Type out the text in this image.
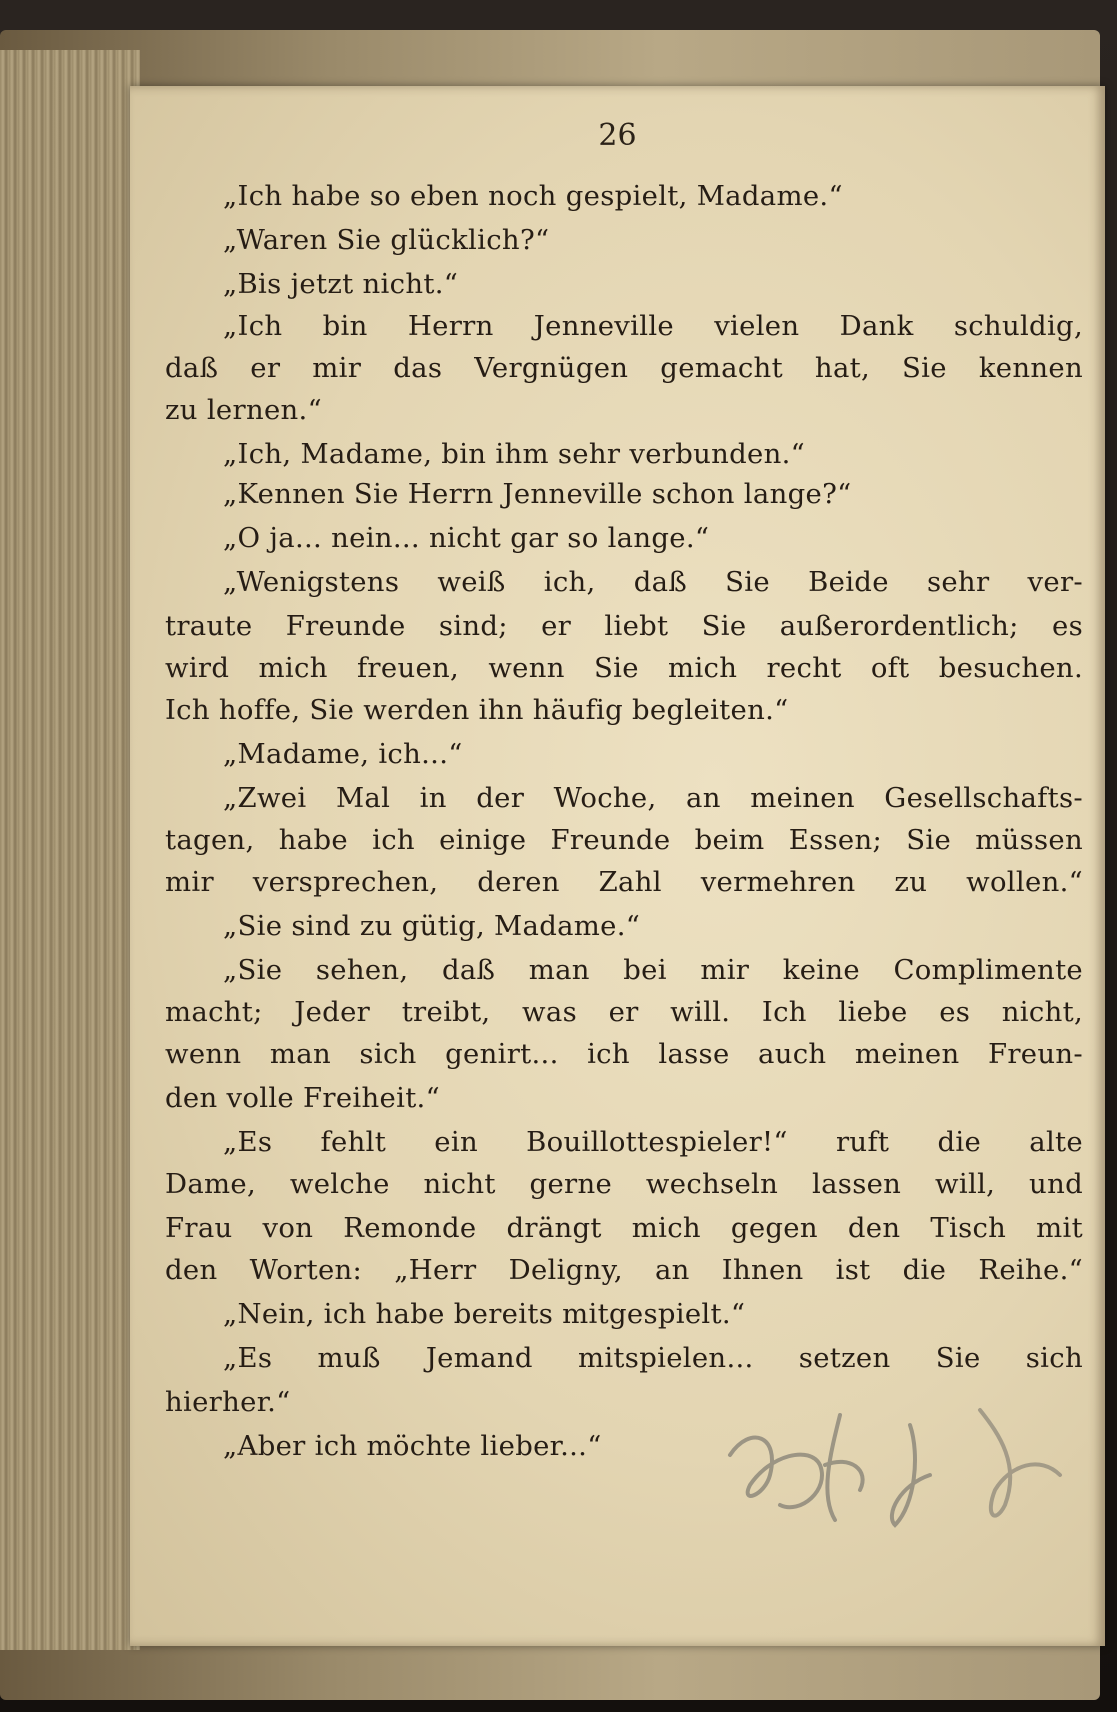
26
„Ich habe so eben noch gespielt, Madame.“
„Waren Sie glücklich?“
„Bis jetzt nicht.“
„Ich bin Herrn Jenneville vielen Dank schuldig,
daß er mir das Vergnügen gemacht hat, Sie kennen
zu lernen.“
„Ich, Madame, bin ihm sehr verbunden.“
„Kennen Sie Herrn Jenneville schon lange?“
„O ja... nein... nicht gar so lange.“
„Wenigstens weiß ich, daß Sie Beide sehr ver-
traute Freunde sind; er liebt Sie außerordentlich; es
wird mich freuen, wenn Sie mich recht oft besuchen.
Ich hoffe, Sie werden ihn häufig begleiten.“
„Madame, ich...“
„Zwei Mal in der Woche, an meinen Gesellschafts-
tagen, habe ich einige Freunde beim Essen; Sie müssen
mir versprechen, deren Zahl vermehren zu wollen.“
„Sie sind zu gütig, Madame.“
„Sie sehen, daß man bei mir keine Complimente
macht; Jeder treibt, was er will. Ich liebe es nicht,
wenn man sich genirt... ich lasse auch meinen Freun-
den volle Freiheit.“
„Es fehlt ein Bouillottespieler!“ ruft die alte
Dame, welche nicht gerne wechseln lassen will, und
Frau von Remonde drängt mich gegen den Tisch mit
den Worten: „Herr Deligny, an Ihnen ist die Reihe.“
„Nein, ich habe bereits mitgespielt.“
„Es muß Jemand mitspielen... setzen Sie sich
hierher.“
„Aber ich möchte lieber...“
